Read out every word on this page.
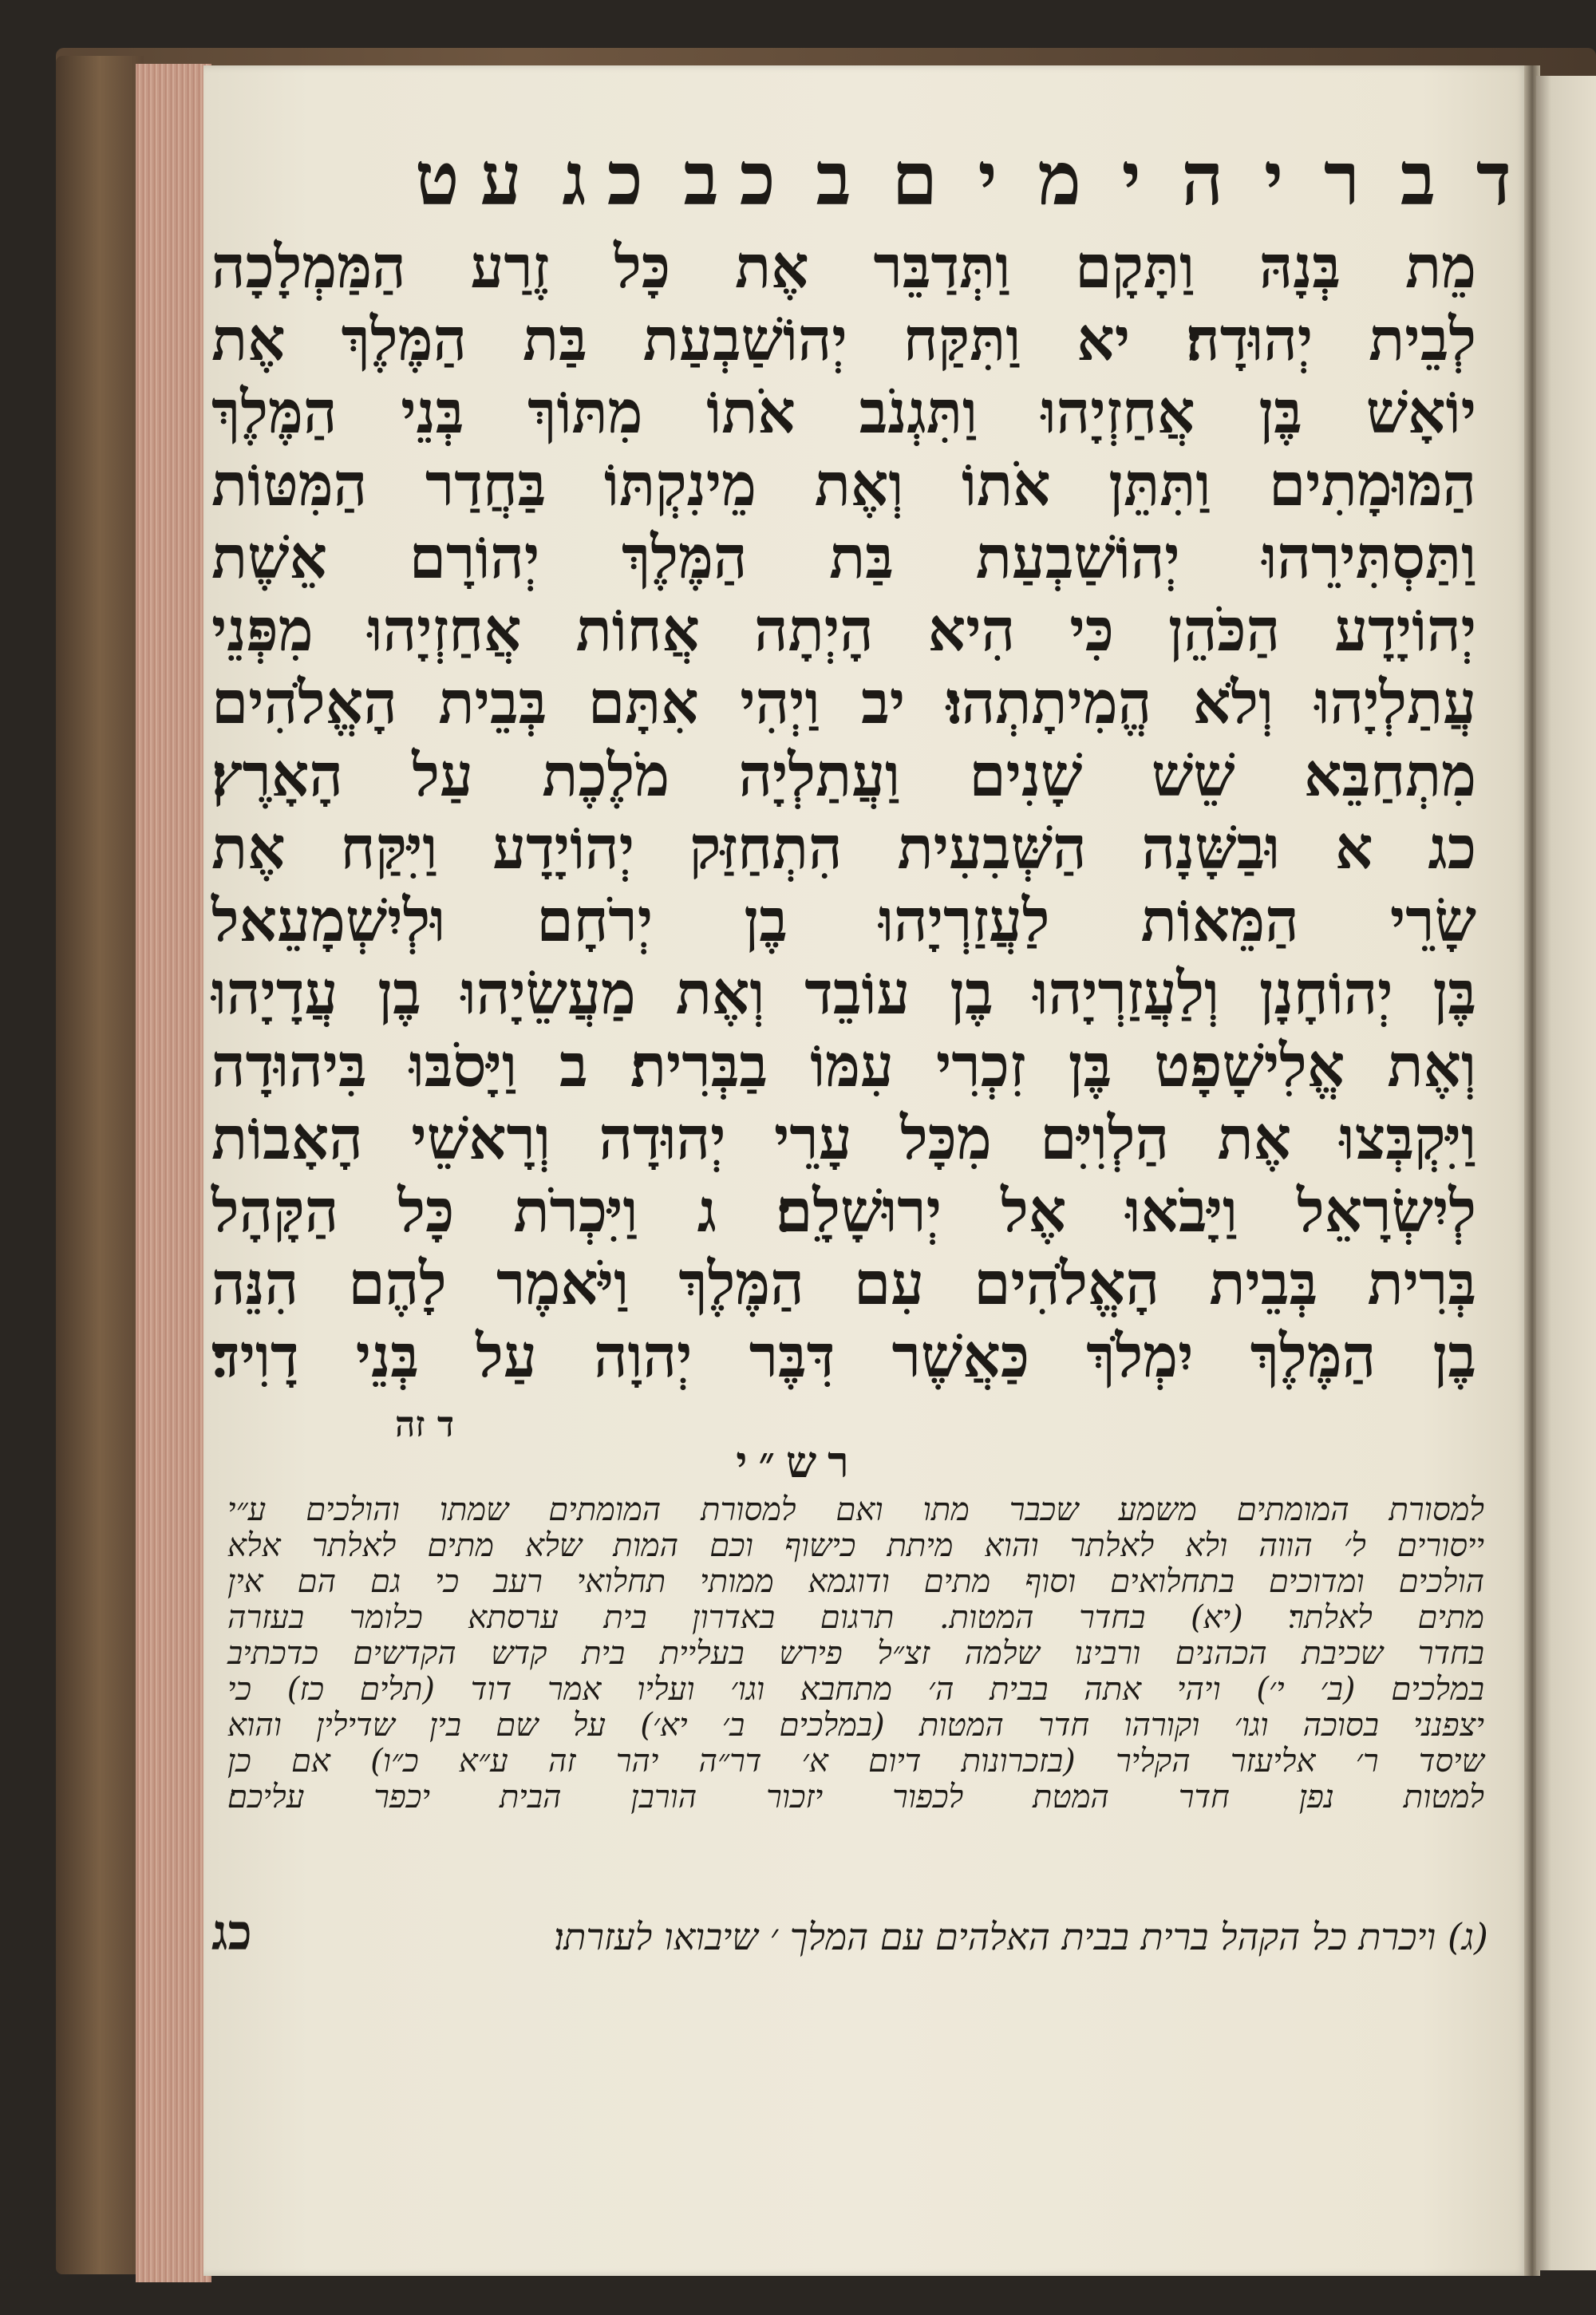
ד
ב
ר
י
ה
י
מ
י
ם
ב
כב
כג
עט
מֵת בְּנָהּ וַתָּקָם וַתְּדַבֵּר אֶת כָּל זֶרַע הַמַּמְלָכָה
לְבֵית יְהוּדָה׃ יא וַתִּקַּח יְהוֹשַׁבְעַת בַּת הַמֶּלֶךְ אֶת
יוֹאָשׁ בֶּן אֲחַזְיָהוּ וַתִּגְנֹב אֹתוֹ מִתּוֹךְ בְּנֵי הַמֶּלֶךְ
הַמּוּמָתִים וַתִּתֵּן אֹתוֹ וְאֶת מֵינִקְתּוֹ בַּחֲדַר הַמִּטּוֹת
וַתַּסְתִּירֵהוּ יְהוֹשַׁבְעַת בַּת הַמֶּלֶךְ יְהוֹרָם אֵשֶׁת
יְהוֹיָדָע הַכֹּהֵן כִּי הִיא הָיְתָה אֲחוֹת אֲחַזְיָהוּ מִפְּנֵי
עֲתַלְיָהוּ וְלֹא הֱמִיתָתְהוּ׃ יב וַיְהִי אִתָּם בְּבֵית הָאֱלֹהִים
מִתְחַבֵּא שֵׁשׁ שָׁנִים וַעֲתַלְיָה מֹלֶכֶת עַל הָאָרֶץ׃
כג א וּבַשָּׁנָה הַשְּׁבִעִית הִתְחַזַּק יְהוֹיָדָע וַיִּקַּח אֶת
שָׂרֵי הַמֵּאוֹת לַעֲזַרְיָהוּ בֶן יְרֹחָם וּלְיִשְׁמָעֵאל
בֶּן יְהוֹחָנָן וְלַעֲזַרְיָהוּ בֶן עוֹבֵד וְאֶת מַעֲשֵׂיָהוּ בֶן עֲדָיָהוּ
וְאֶת אֱלִישָׁפָט בֶּן זִכְרִי עִמּוֹ בַבְּרִית׃ ב וַיָּסֹבּוּ בִּיהוּדָה
וַיִּקְבְּצוּ אֶת הַלְוִיִּם מִכָּל עָרֵי יְהוּדָה וְרָאשֵׁי הָאָבוֹת
לְיִשְׂרָאֵל וַיָּבֹאוּ אֶל יְרוּשָׁלִָם׃ ג וַיִּכְרֹת כָּל הַקָּהָל
בְּרִית בְּבֵית הָאֱלֹהִים עִם הַמֶּלֶךְ וַיֹּאמֶר לָהֶם הִנֵּה
בֶן הַמֶּלֶךְ יִמְלֹךְ כַּאֲשֶׁר דִּבֶּר יְהוָה עַל בְּנֵי דָוִיד׃
ד זה
רש״י
למסורת המומתים משמע שכבר מתו ואם למסורת המומתים שמתו והולכים ע״י
ייסורים ל׳ הווה ולא לאלתר והוא מיתת כישוף וכם המות שלא מתים לאלתר אלא
הולכים ומדוכים בתחלואים וסוף מתים ודוגמא ממותי תחלואי רעב כי גם הם אין
מתים לאלתר׃ (יא) בחדר המטות. תרגום באדרון בית ערסתא כלומר בעזרה
בחדר שכיבת הכהנים ורבינו שלמה זצ״ל פירש בעליית בית קדש הקדשים כדכתיב
במלכים (ב׳ י׳) ויהי אתה בבית ה׳ מתחבא וגו׳ ועליו אמר דוד (תלים כז) כי
יצפנני בסוכה וגו׳ וקורהו חדר המטות (במלכים ב׳ יא׳) על שם בין שדילין והוא
שיסד ר׳ אליעזר הקליר (בזכרונות דיום א׳ דר״ה יהר זה ע״א כ״ו) אם כן
למטות נפן חדר המטת לכפור יזכור הורבן הבית יכפר עליכם׃
כג	(ג) ויכרת כל הקהל ברית בבית האלהים עם המלך ׳ שיבואו לעזרתו׃
